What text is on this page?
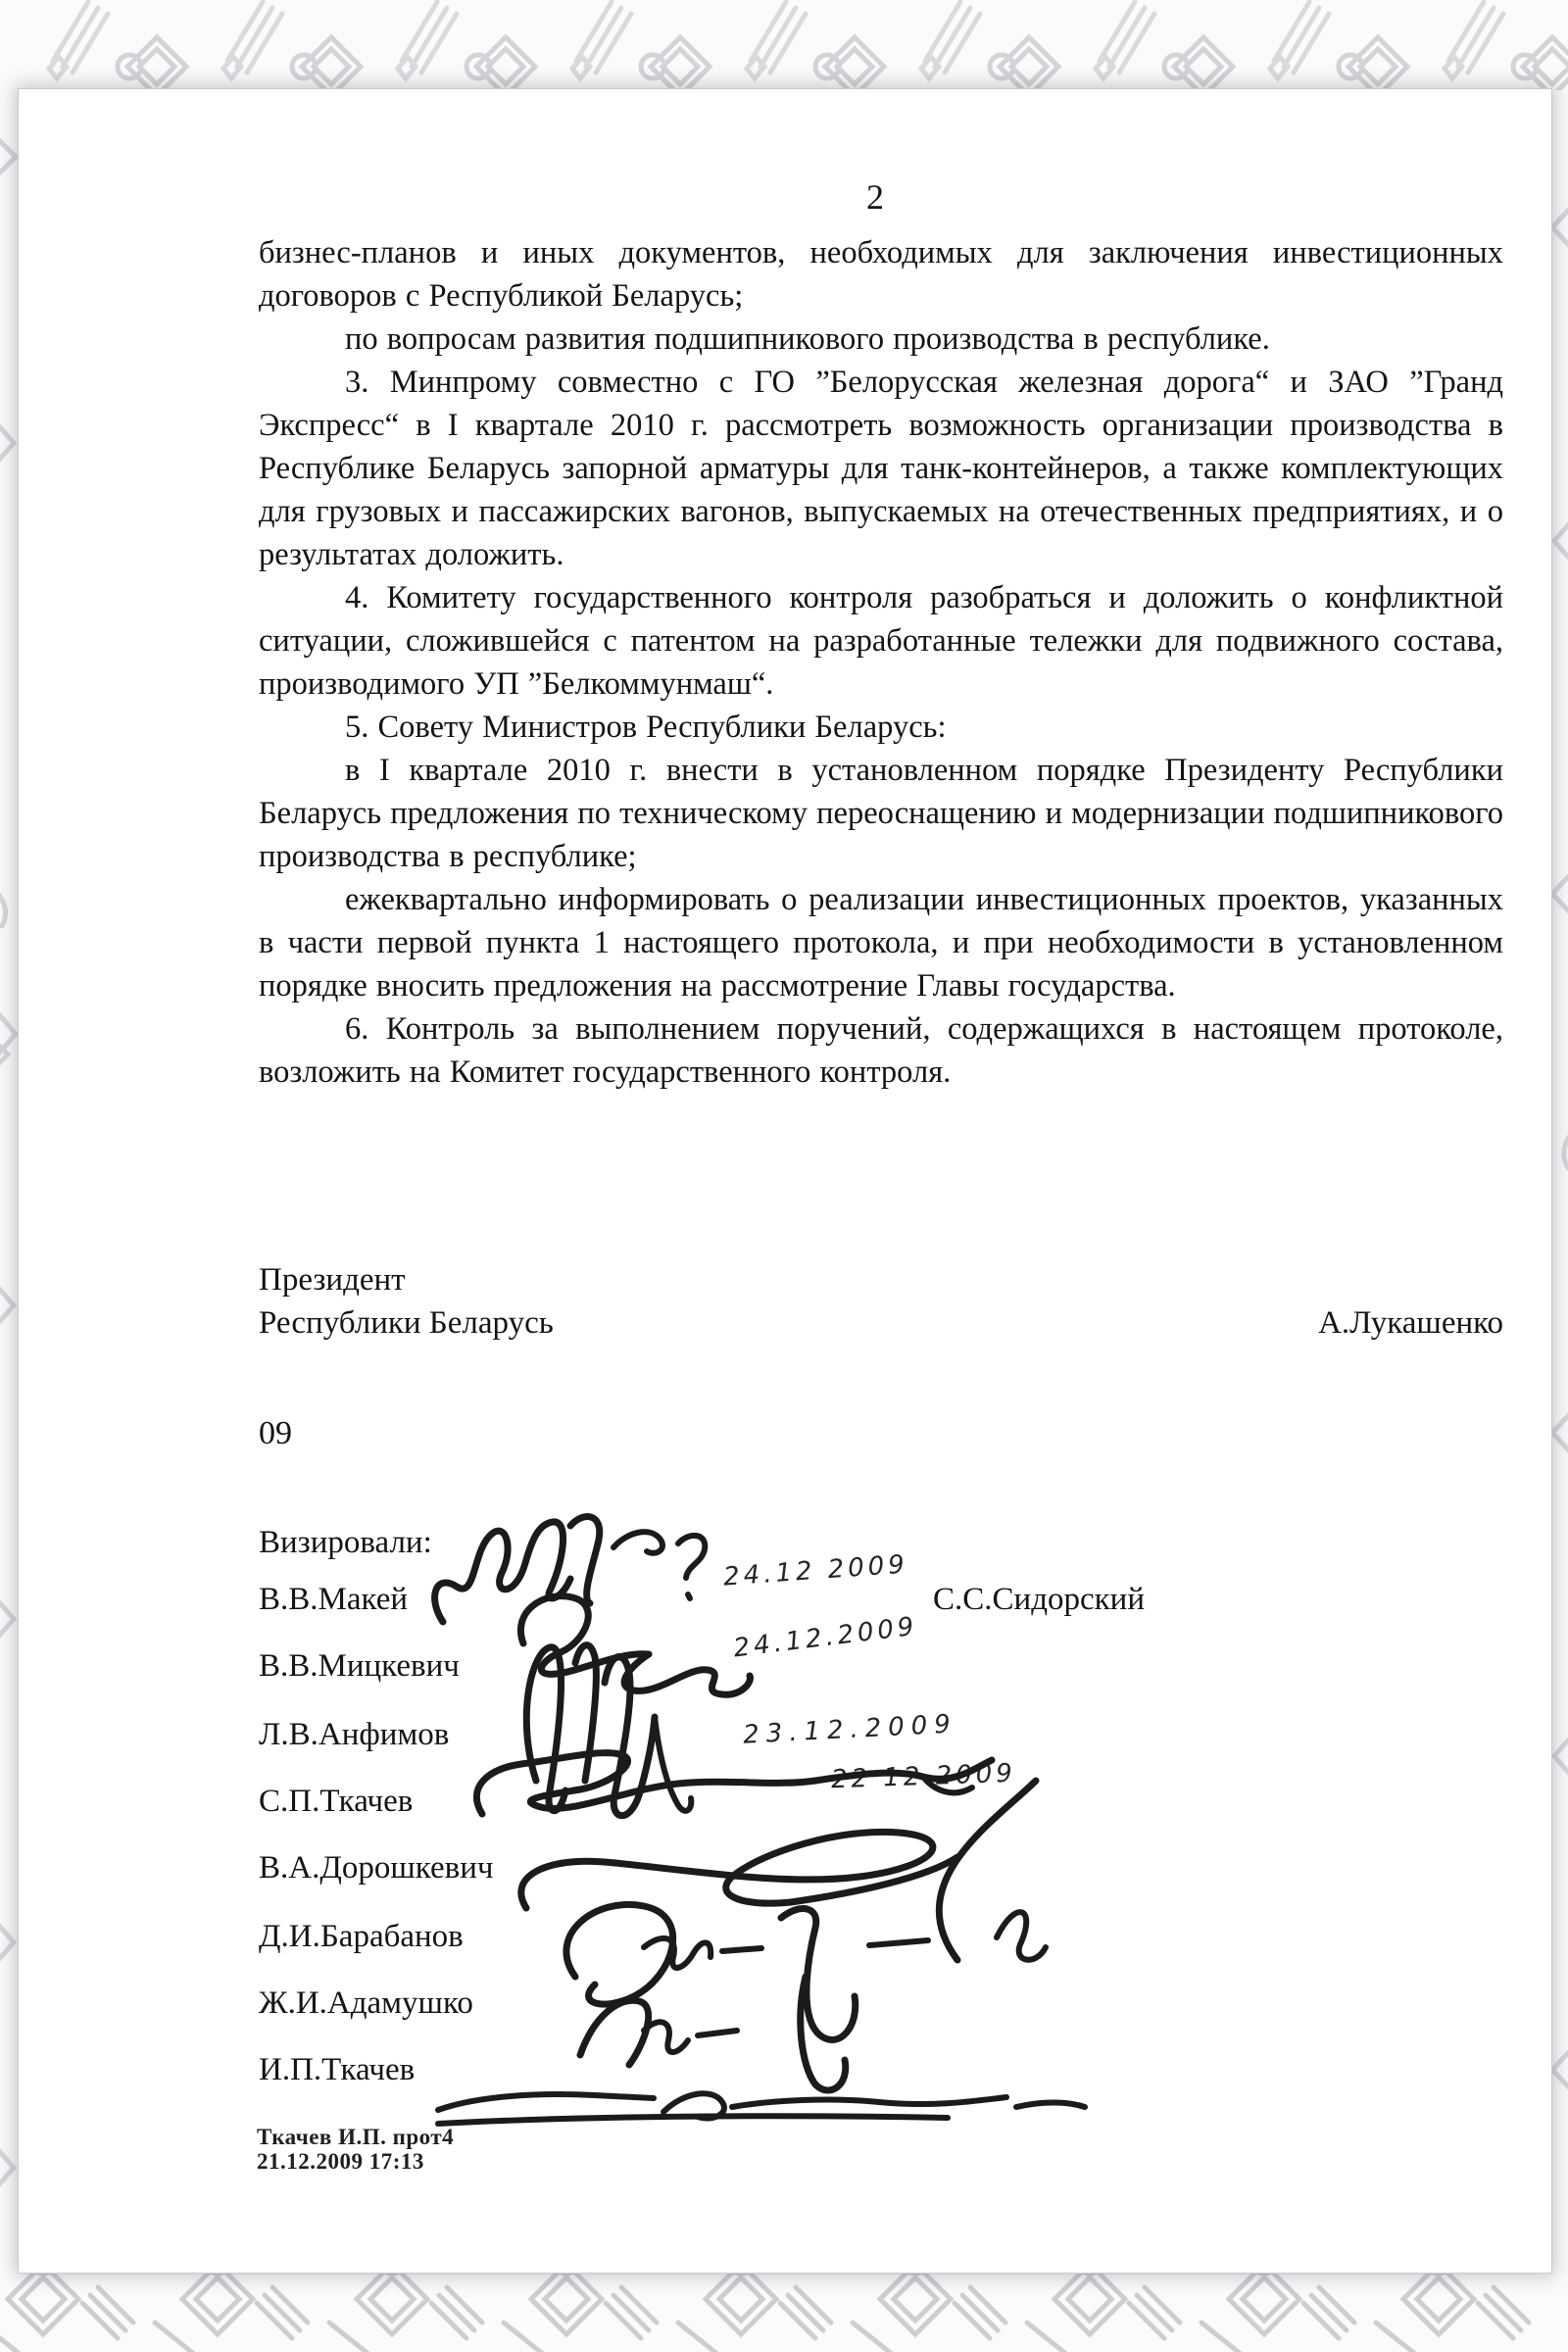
2

бизнес-планов и иных документов, необходимых для заключения инвестиционных договоров с Республикой Беларусь;

по вопросам развития подшипникового производства в республике.

3. Минпрому совместно с ГО ”Белорусская железная дорога“ и ЗАО ”Гранд Экспресс“ в I квартале 2010 г. рассмотреть возможность организации производства в Республике Беларусь запорной арматуры для танк-контейнеров, а также комплектующих для грузовых и пассажирских вагонов, выпускаемых на отечественных предприятиях, и о результатах доложить.

4. Комитету государственного контроля разобраться и доложить о конфликтной ситуации, сложившейся с патентом на разработанные тележки для подвижного состава, производимого УП ”Белкоммунмаш“.

5. Совету Министров Республики Беларусь:

в I квартале 2010 г. внести в установленном порядке Президенту Республики Беларусь предложения по техническому переоснащению и модернизации подшипникового производства в республике;

ежеквартально информировать о реализации инвестиционных проектов, указанных в части первой пункта 1 настоящего протокола, и при необходимости в установленном порядке вносить предложения на рассмотрение Главы государства.

6. Контроль за выполнением поручений, содержащихся в настоящем протоколе, возложить на Комитет государственного контроля.

Президент
Республики Беларусь	А.Лукашенко
09
Визировали:
В.В.Макей	С.С.Сидорский
В.В.Мицкевич
Л.В.Анфимов
С.П.Ткачев
В.А.Дорошкевич
Д.И.Барабанов
Ж.И.Адамушко
И.П.Ткачев
24.12 2009
24.12.2009
23.12.2009
22 12 2009
Ткачев И.П. прот4
21.12.2009 17:13
